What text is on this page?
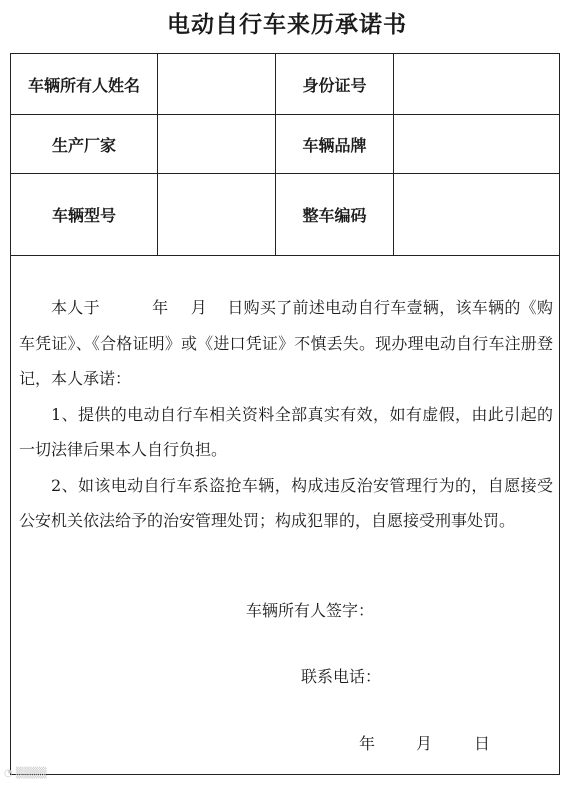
电动自行车来历承诺书
车辆所有人姓名	身份证号
生产厂家	车辆品牌
车辆型号	整车编码

本人于	年 月 日购买了前述电动自行车壹辆，该车辆的《购车凭证》、《合格证明》或《进口凭证》不慎丢失。现办理电动自行车注册登记，本人承诺：

1、提供的电动自行车相关资料全部真实有效，如有虚假，由此引起的一切法律后果本人自行负担。

2、如该电动自行车系盗抢车辆，构成违反治安管理行为的，自愿接受公安机关依法给予的治安管理处罚；构成犯罪的，自愿接受刑事处罚。

车辆所有人签字：
联系电话：
年	月	日
◔ ▒▒▒▒
